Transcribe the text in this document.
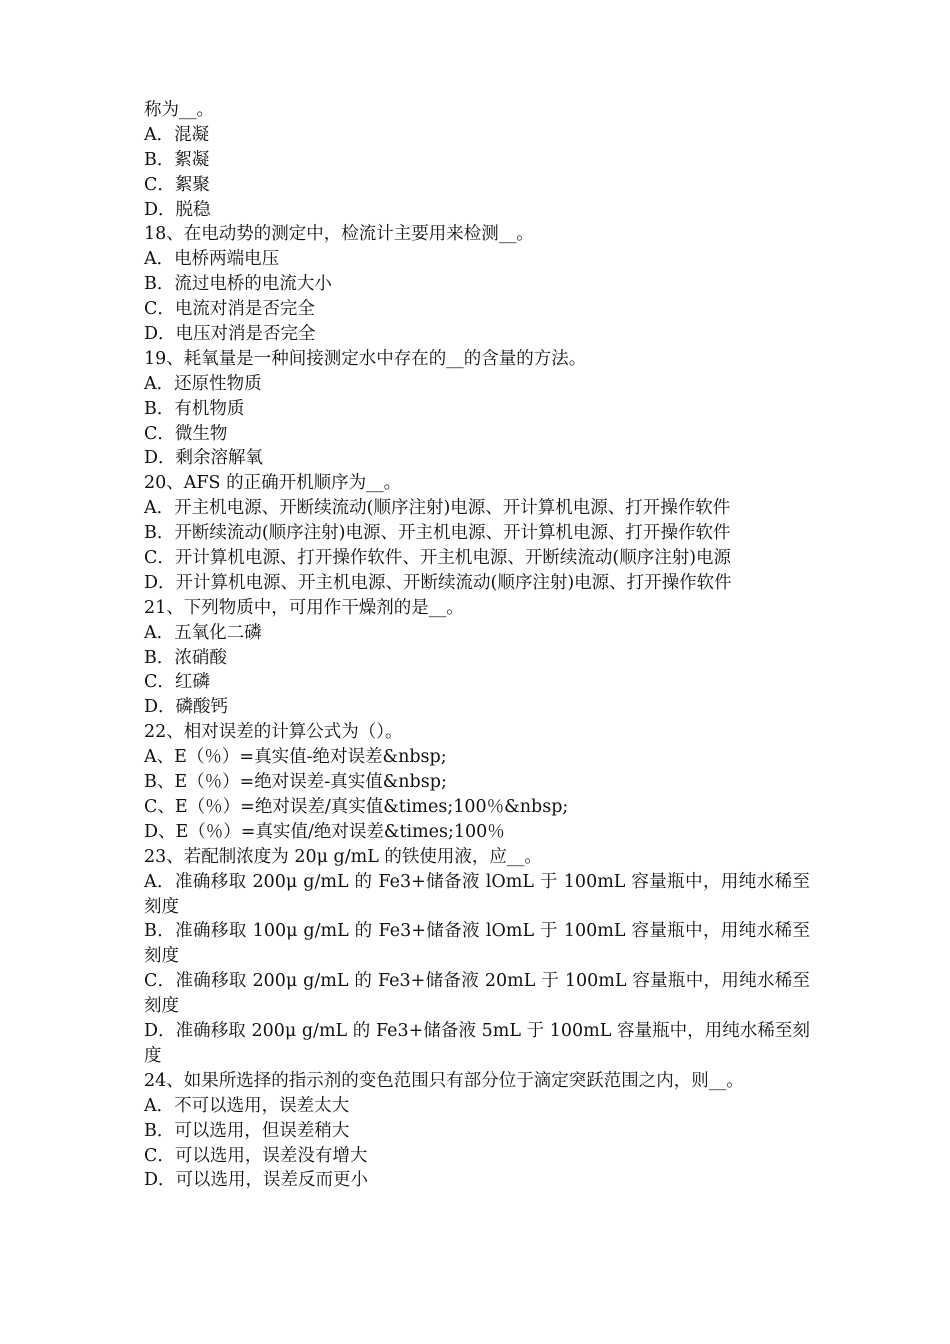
称为__。
A．混凝
B．絮凝
C．絮聚
D．脱稳
18、在电动势的测定中，检流计主要用来检测__。
A．电桥两端电压
B．流过电桥的电流大小
C．电流对消是否完全
D．电压对消是否完全
19、耗氧量是一种间接测定水中存在的__的含量的方法。
A．还原性物质
B．有机物质
C．微生物
D．剩余溶解氧
20、AFS 的正确开机顺序为__。
A．开主机电源、开断续流动(顺序注射)电源、开计算机电源、打开操作软件
B．开断续流动(顺序注射)电源、开主机电源、开计算机电源、打开操作软件
C．开计算机电源、打开操作软件、开主机电源、开断续流动(顺序注射)电源
D．开计算机电源、开主机电源、开断续流动(顺序注射)电源、打开操作软件
21、下列物质中，可用作干燥剂的是__。
A．五氧化二磷
B．浓硝酸
C．红磷
D．磷酸钙
22、相对误差的计算公式为（）。
A、E（％）=真实值-绝对误差&nbsp;
B、E（％）=绝对误差-真实值&nbsp;
C、E（％）=绝对误差/真实值&times;100％&nbsp;
D、E（％）=真实值/绝对误差&times;100％
23、若配制浓度为 20μ g/mL 的铁使用液，应__。
A．准确移取 200μ g/mL 的 Fe3+储备液 lOmL 于 100mL 容量瓶中，用纯水稀至刻度
B．准确移取 100μ g/mL 的 Fe3+储备液 lOmL 于 100mL 容量瓶中，用纯水稀至刻度
C．准确移取 200μ g/mL 的 Fe3+储备液 20mL 于 100mL 容量瓶中，用纯水稀至刻度
D．准确移取 200μ g/mL 的 Fe3+储备液 5mL 于 100mL 容量瓶中，用纯水稀至刻度
24、如果所选择的指示剂的变色范围只有部分位于滴定突跃范围之内，则__。
A．不可以选用，误差太大
B．可以选用，但误差稍大
C．可以选用，误差没有增大
D．可以选用，误差反而更小
